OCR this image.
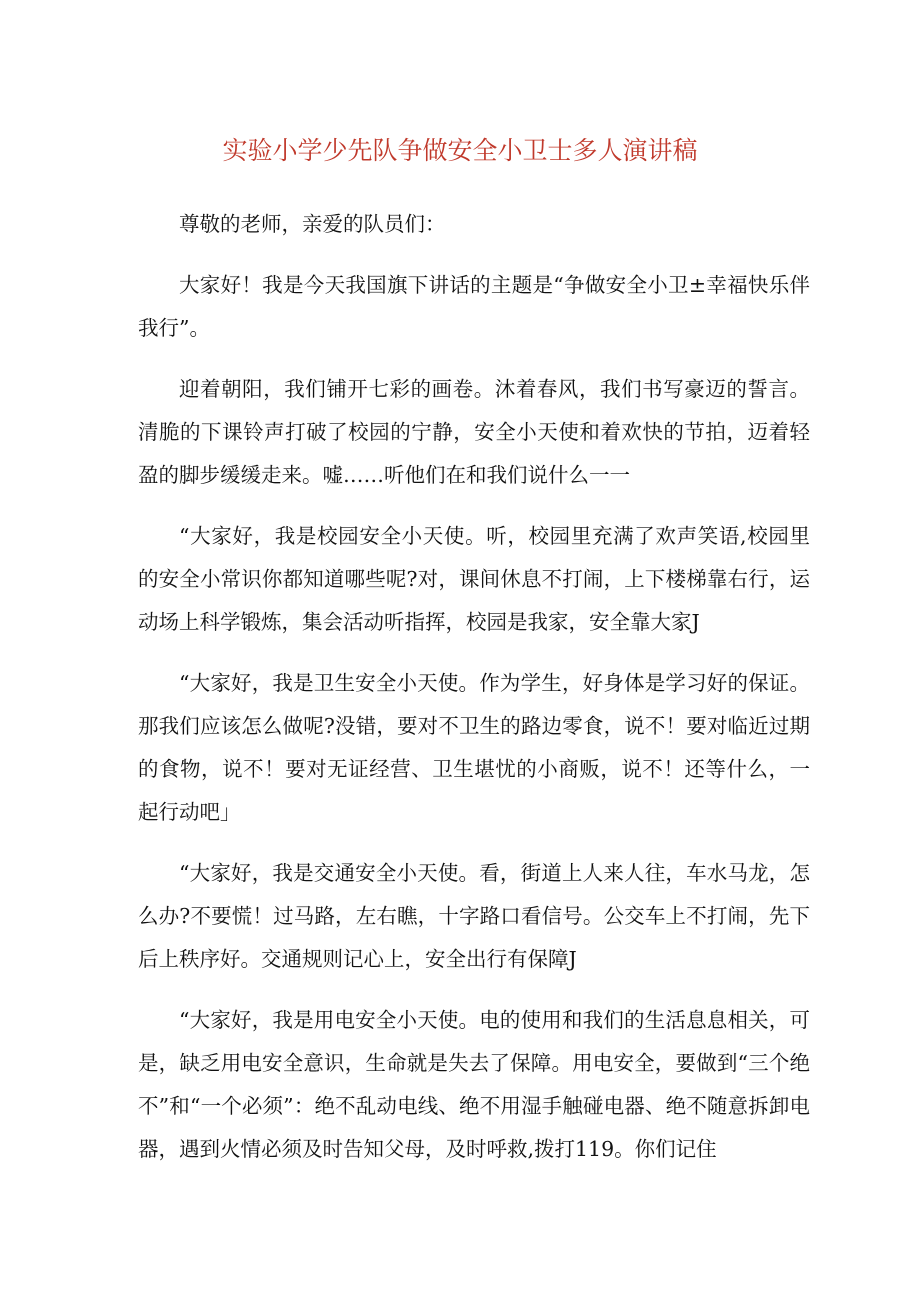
实验小学少先队争做安全小卫士多人演讲稿

尊敬的老师，亲爱的队员们：

大家好！我是今天我国旗下讲话的主题是“争做安全小卫±幸福快乐伴我行”。

迎着朝阳，我们铺开七彩的画卷。沐着春风，我们书写豪迈的誓言。清脆的下课铃声打破了校园的宁静，安全小天使和着欢快的节拍，迈着轻盈的脚步缓缓走来。嘘……听他们在和我们说什么一一

“大家好，我是校园安全小天使。听，校园里充满了欢声笑语,校园里的安全小常识你都知道哪些呢?对，课间休息不打闹，上下楼梯靠右行，运动场上科学锻炼，集会活动听指挥，校园是我家，安全靠大家J

“大家好，我是卫生安全小天使。作为学生，好身体是学习好的保证。那我们应该怎么做呢?没错，要对不卫生的路边零食，说不！要对临近过期的食物，说不！要对无证经营、卫生堪忧的小商贩，说不！还等什么，一起行动吧」

“大家好，我是交通安全小天使。看，街道上人来人往，车水马龙，怎么办?不要慌！过马路，左右瞧，十字路口看信号。公交车上不打闹，先下后上秩序好。交通规则记心上，安全出行有保障J

“大家好，我是用电安全小天使。电的使用和我们的生活息息相关，可是，缺乏用电安全意识，生命就是失去了保障。用电安全，要做到“三个绝不”和“一个必须”：绝不乱动电线、绝不用湿手触碰电器、绝不随意拆卸电器，遇到火情必须及时告知父母，及时呼救,拨打119。你们记住
